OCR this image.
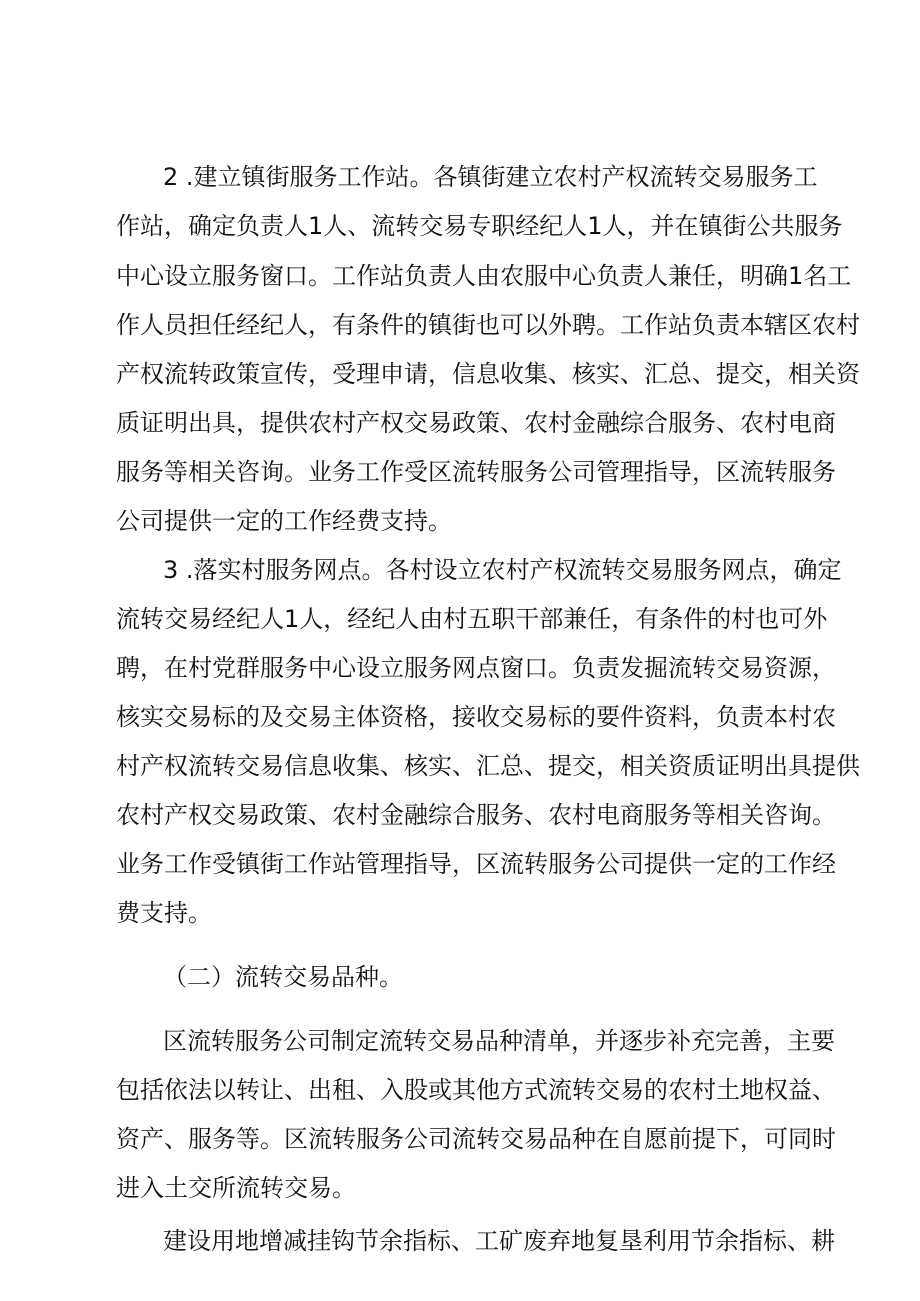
2 .建立镇街服务工作站。各镇街建立农村产权流转交易服务工
作站，确定负责人1人、流转交易专职经纪人1人，并在镇街公共服务
中心设立服务窗口。工作站负责人由农服中心负责人兼任，明确1名工
作人员担任经纪人，有条件的镇街也可以外聘。工作站负责本辖区农村
产权流转政策宣传，受理申请，信息收集、核实、汇总、提交，相关资
质证明出具，提供农村产权交易政策、农村金融综合服务、农村电商
服务等相关咨询。业务工作受区流转服务公司管理指导，区流转服务
公司提供一定的工作经费支持。
3 .落实村服务网点。各村设立农村产权流转交易服务网点，确定
流转交易经纪人1人，经纪人由村五职干部兼任，有条件的村也可外
聘，在村党群服务中心设立服务网点窗口。负责发掘流转交易资源，
核实交易标的及交易主体资格，接收交易标的要件资料，负责本村农
村产权流转交易信息收集、核实、汇总、提交，相关资质证明出具提供
农村产权交易政策、农村金融综合服务、农村电商服务等相关咨询。
业务工作受镇街工作站管理指导，区流转服务公司提供一定的工作经
费支持。
（二）流转交易品种。
区流转服务公司制定流转交易品种清单，并逐步补充完善，主要
包括依法以转让、出租、入股或其他方式流转交易的农村土地权益、
资产、服务等。区流转服务公司流转交易品种在自愿前提下，可同时
进入土交所流转交易。
建设用地增减挂钩节余指标、工矿废弃地复垦利用节余指标、耕
